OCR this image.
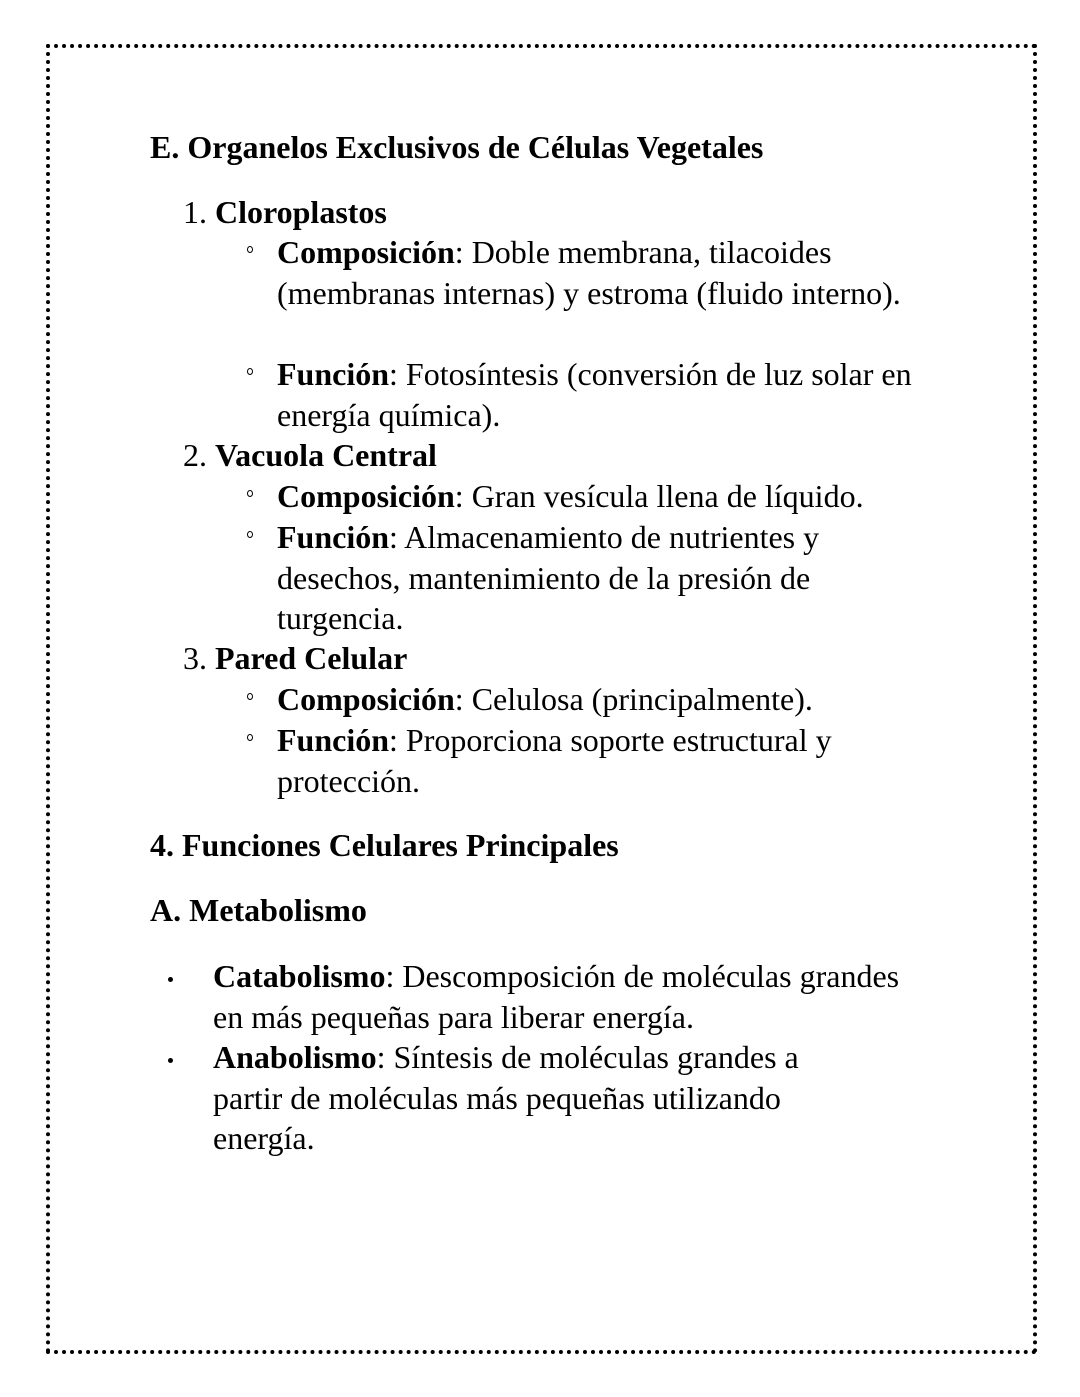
E. Organelos Exclusivos de Células Vegetales
1. Cloroplastos
Composición: Doble membrana, tilacoides (membranas internas) y estroma (fluido interno).
Función: Fotosíntesis (conversión de luz solar en energía química).
2. Vacuola Central
Composición: Gran vesícula llena de líquido.
Función: Almacenamiento de nutrientes y desechos, mantenimiento de la presión de turgencia.
3. Pared Celular
Composición: Celulosa (principalmente).
Función: Proporciona soporte estructural y protección.
4. Funciones Celulares Principales
A. Metabolismo
Catabolismo: Descomposición de moléculas grandes en más pequeñas para liberar energía.
Anabolismo: Síntesis de moléculas grandes a partir de moléculas más pequeñas utilizando energía.
